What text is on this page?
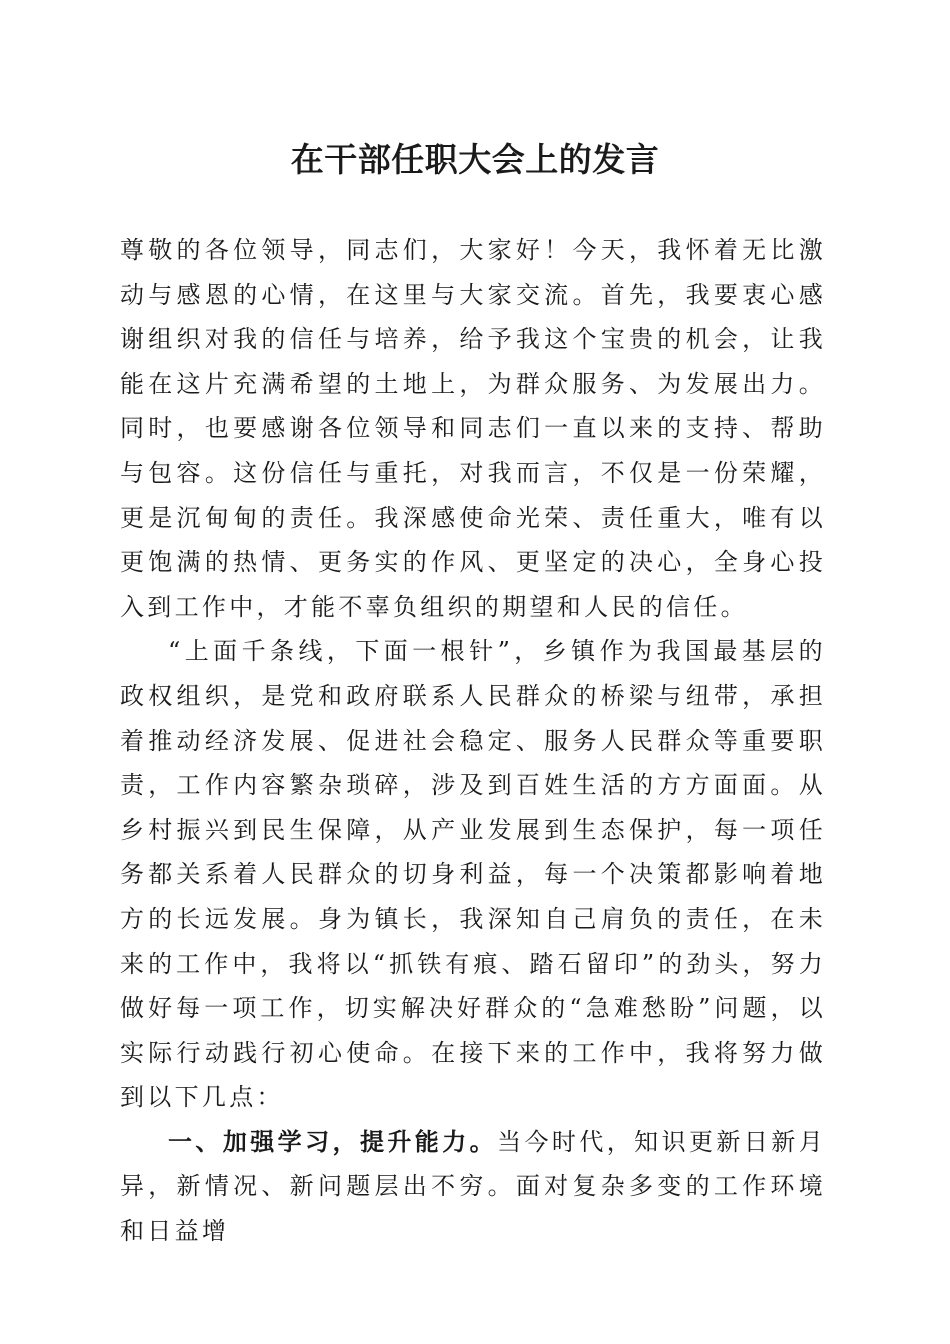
在干部任职大会上的发言

尊敬的各位领导，同志们，大家好！今天，我怀着无比激动与感恩的心情，在这里与大家交流。首先，我要衷心感谢组织对我的信任与培养，给予我这个宝贵的机会，让我能在这片充满希望的土地上，为群众服务、为发展出力。同时，也要感谢各位领导和同志们一直以来的支持、帮助与包容。这份信任与重托，对我而言，不仅是一份荣耀，更是沉甸甸的责任。我深感使命光荣、责任重大，唯有以更饱满的热情、更务实的作风、更坚定的决心，全身心投入到工作中，才能不辜负组织的期望和人民的信任。

“上面千条线，下面一根针”，乡镇作为我国最基层的政权组织，是党和政府联系人民群众的桥梁与纽带，承担着推动经济发展、促进社会稳定、服务人民群众等重要职责，工作内容繁杂琐碎，涉及到百姓生活的方方面面。从乡村振兴到民生保障，从产业发展到生态保护，每一项任务都关系着人民群众的切身利益，每一个决策都影响着地方的长远发展。身为镇长，我深知自己肩负的责任，在未来的工作中，我将以“抓铁有痕、踏石留印”的劲头，努力做好每一项工作，切实解决好群众的“急难愁盼”问题，以实际行动践行初心使命。在接下来的工作中，我将努力做到以下几点：

一、加强学习，提升能力。当今时代，知识更新日新月异，新情况、新问题层出不穷。面对复杂多变的工作环境和日益增
